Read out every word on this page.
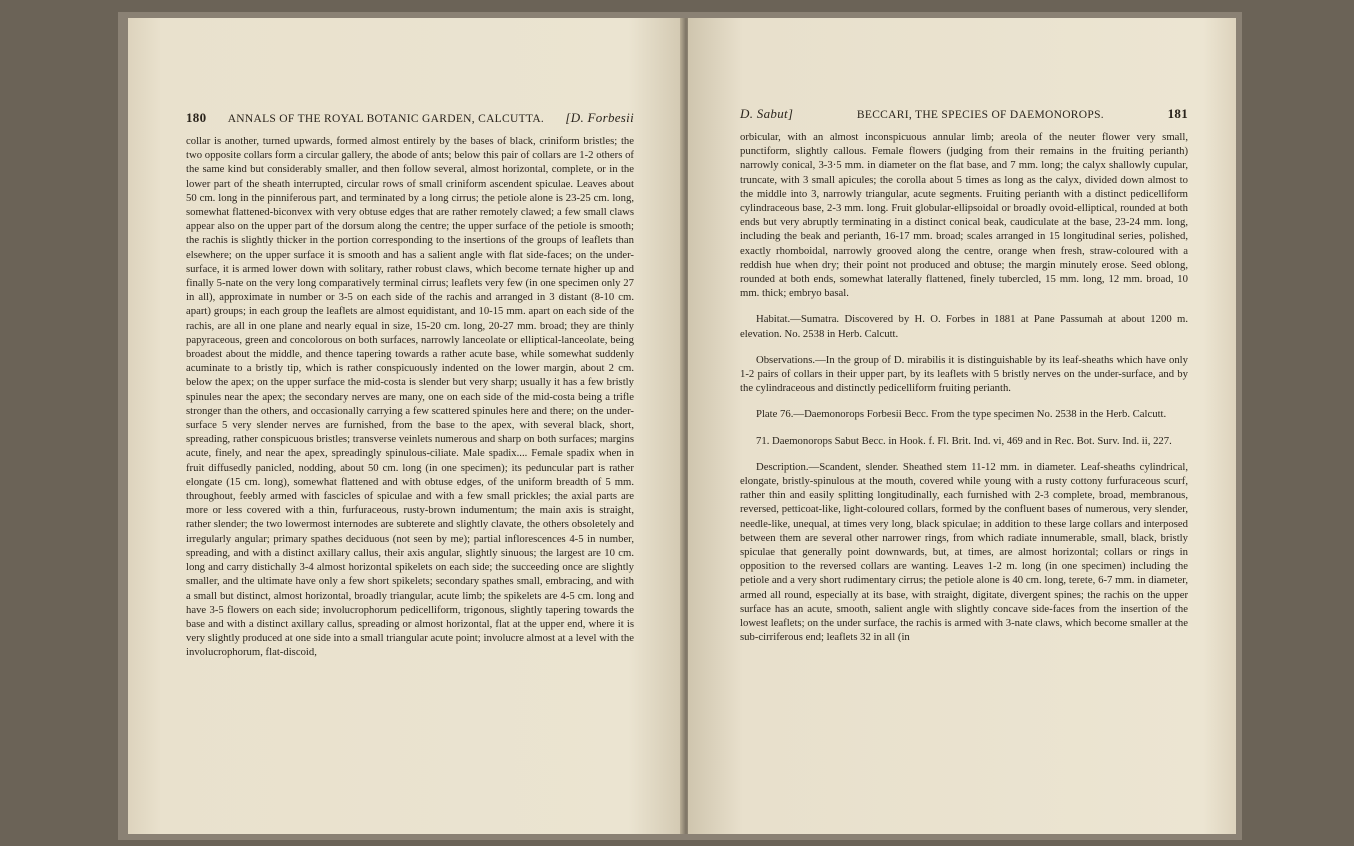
180 ANNALS OF THE ROYAL BOTANIC GARDEN, CALCUTTA. [D. Forbesii

collar is another, turned upwards, formed almost entirely by the bases of black, criniform bristles; the two opposite collars form a circular gallery, the abode of ants; below this pair of collars are 1-2 others of the same kind but considerably smaller, and then follow several, almost horizontal, complete, or in the lower part of the sheath interrupted, circular rows of small criniform ascendent spiculae. Leaves about 50 cm. long in the pinniferous part, and terminated by a long cirrus; the petiole alone is 23-25 cm. long, somewhat flattened-biconvex with very obtuse edges that are rather remotely clawed; a few small claws appear also on the upper part of the dorsum along the centre; the upper surface of the petiole is smooth; the rachis is slightly thicker in the portion corresponding to the insertions of the groups of leaflets than elsewhere; on the upper surface it is smooth and has a salient angle with flat side-faces; on the under-surface, it is armed lower down with solitary, rather robust claws, which become ternate higher up and finally 5-nate on the very long comparatively terminal cirrus; leaflets very few (in one specimen only 27 in all), approximate in number or 3-5 on each side of the rachis and arranged in 3 distant (8-10 cm. apart) groups; in each group the leaflets are almost equidistant, and 10-15 mm. apart on each side of the rachis, are all in one plane and nearly equal in size, 15-20 cm. long, 20-27 mm. broad; they are thinly papyraceous, green and concolorous on both surfaces, narrowly lanceolate or elliptical-lanceolate, being broadest about the middle, and thence tapering towards a rather acute base, while somewhat suddenly acuminate to a bristly tip, which is rather conspicuously indented on the lower margin, about 2 cm. below the apex; on the upper surface the mid-costa is slender but very sharp; usually it has a few bristly spinules near the apex; the secondary nerves are many, one on each side of the mid-costa being a trifle stronger than the others, and occasionally carrying a few scattered spinules here and there; on the under-surface 5 very slender nerves are furnished, from the base to the apex, with several black, short, spreading, rather conspicuous bristles; transverse veinlets numerous and sharp on both surfaces; margins acute, finely, and near the apex, spreadingly spinulous-ciliate. Male spadix.... Female spadix when in fruit diffusedly panicled, nodding, about 50 cm. long (in one specimen); its peduncular part is rather elongate (15 cm. long), somewhat flattened and with obtuse edges, of the uniform breadth of 5 mm. throughout, feebly armed with fascicles of spiculae and with a few small prickles; the axial parts are more or less covered with a thin, furfuraceous, rusty-brown indumentum; the main axis is straight, rather slender; the two lowermost internodes are subterete and slightly clavate, the others obsoletely and irregularly angular; primary spathes deciduous (not seen by me); partial inflorescences 4-5 in number, spreading, and with a distinct axillary callus, their axis angular, slightly sinuous; the largest are 10 cm. long and carry distichally 3-4 almost horizontal spikelets on each side; the succeeding once are slightly smaller, and the ultimate have only a few short spikelets; secondary spathes small, embracing, and with a small but distinct, almost horizontal, broadly triangular, acute limb; the spikelets are 4-5 cm. long and have 3-5 flowers on each side; involucrophorum pedicelliform, trigonous, slightly tapering towards the base and with a distinct axillary callus, spreading or almost horizontal, flat at the upper end, where it is very slightly produced at one side into a small triangular acute point; involucre almost at a level with the involucrophorum, flat-discoid,

D. Sabut]	BECCARI, THE SPECIES OF DAEMONOROPS.	181

orbicular, with an almost inconspicuous annular limb; areola of the neuter flower very small, punctiform, slightly callous. Female flowers (judging from their remains in the fruiting perianth) narrowly conical, 3-3·5 mm. in diameter on the flat base, and 7 mm. long; the calyx shallowly cupular, truncate, with 3 small apicules; the corolla about 5 times as long as the calyx, divided down almost to the middle into 3, narrowly triangular, acute segments. Fruiting perianth with a distinct pedicelliform cylindraceous base, 2-3 mm. long. Fruit globular-ellipsoidal or broadly ovoid-elliptical, rounded at both ends but very abruptly terminating in a distinct conical beak, caudiculate at the base, 23-24 mm. long, including the beak and perianth, 16-17 mm. broad; scales arranged in 15 longitudinal series, polished, exactly rhomboidal, narrowly grooved along the centre, orange when fresh, straw-coloured with a reddish hue when dry; their point not produced and obtuse; the margin minutely erose. Seed oblong, rounded at both ends, somewhat laterally flattened, finely tubercled, 15 mm. long, 12 mm. broad, 10 mm. thick; embryo basal.

Habitat.—Sumatra. Discovered by H. O. Forbes in 1881 at Pane Passumah at about 1200 m. elevation. No. 2538 in Herb. Calcutt.

Observations.—In the group of D. mirabilis it is distinguishable by its leaf-sheaths which have only 1-2 pairs of collars in their upper part, by its leaflets with 5 bristly nerves on the under-surface, and by the cylindraceous and distinctly pedicelliform fruiting perianth.

Plate 76.—Daemonorops Forbesii Becc. From the type specimen No. 2538 in the Herb. Calcutt.

71. Daemonorops Sabut Becc. in Hook. f. Fl. Brit. Ind. vi, 469 and in Rec. Bot. Surv. Ind. ii, 227.

Description.—Scandent, slender. Sheathed stem 11-12 mm. in diameter. Leaf-sheaths cylindrical, elongate, bristly-spinulous at the mouth, covered while young with a rusty cottony furfuraceous scurf, rather thin and easily splitting longitudinally, each furnished with 2-3 complete, broad, membranous, reversed, petticoat-like, light-coloured collars, formed by the confluent bases of numerous, very slender, needle-like, unequal, at times very long, black spiculae; in addition to these large collars and interposed between them are several other narrower rings, from which radiate innumerable, small, black, bristly spiculae that generally point downwards, but, at times, are almost horizontal; collars or rings in opposition to the reversed collars are wanting. Leaves 1-2 m. long (in one specimen) including the petiole and a very short rudimentary cirrus; the petiole alone is 40 cm. long, terete, 6-7 mm. in diameter, armed all round, especially at its base, with straight, digitate, divergent spines; the rachis on the upper surface has an acute, smooth, salient angle with slightly concave side-faces from the insertion of the lowest leaflets; on the under surface, the rachis is armed with 3-nate claws, which become smaller at the sub-cirriferous end; leaflets 32 in all (in
